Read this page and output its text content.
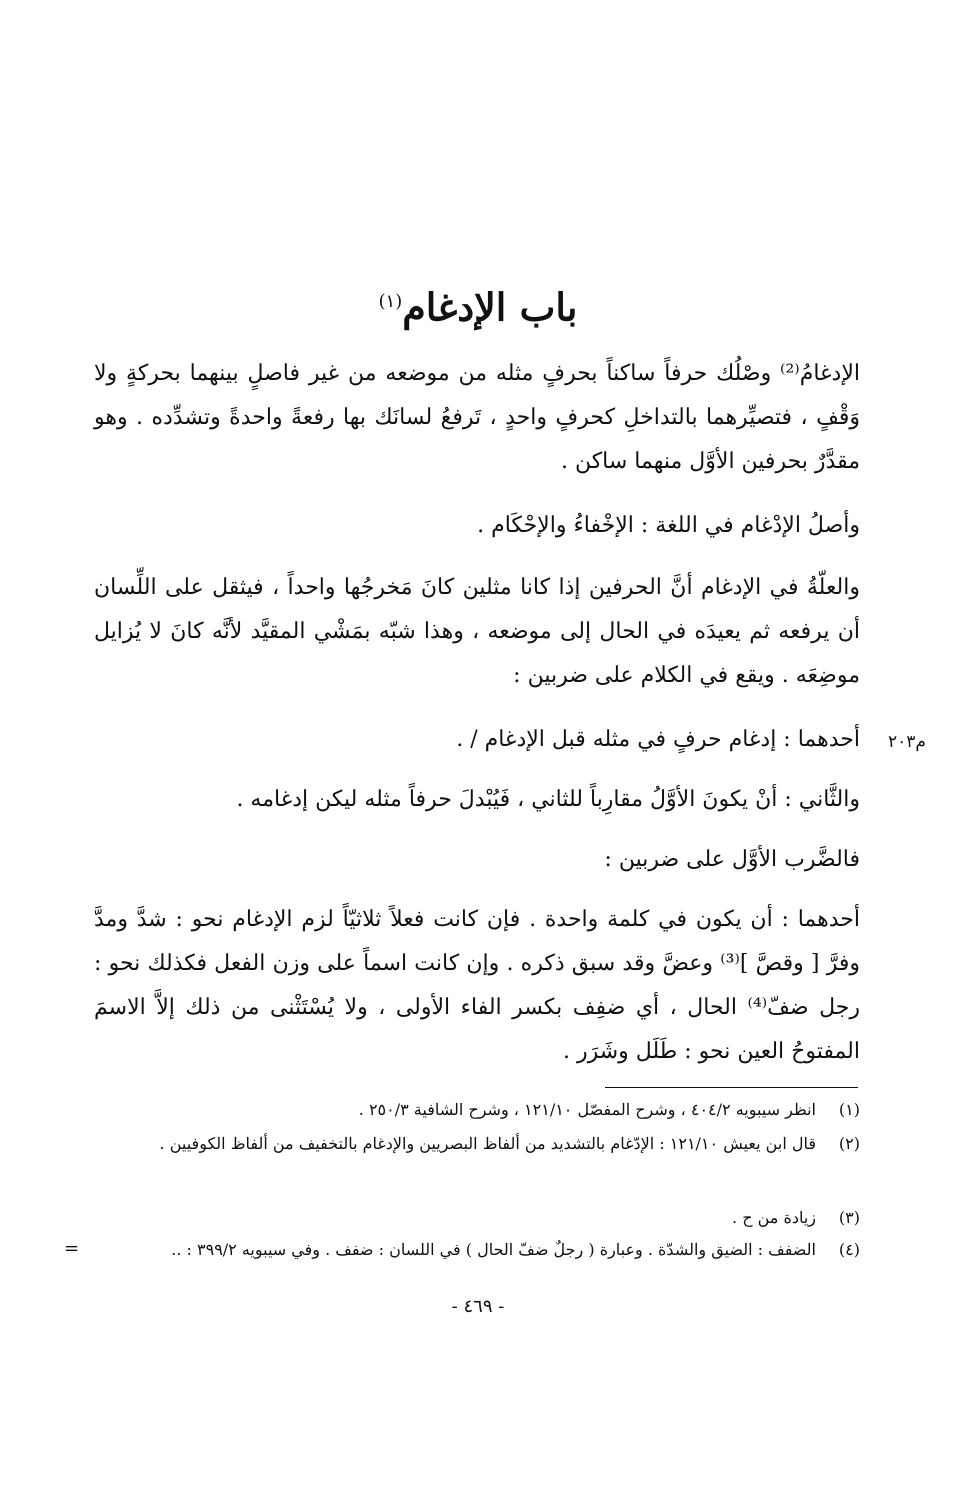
باب الإدغام$^{(١)}$
الإدغامُ⁽²⁾ وصْلُك حرفاً ساكناً بحرفٍ مثله من موضعه من غير فاصلٍ بينهما بحركةٍ ولا وَقْفٍ ، فتصيِّرهما بالتداخلِ كحرفٍ واحدٍ ، تَرفعُ لسانَك بها رفعةً واحدةً وتشدِّده . وهو مقدَّرٌ بحرفين الأوَّل منهما ساكن .
وأصلُ الإدْغام في اللغة : الإخْفاءُ والإحْكَام .
والعلّةُ في الإدغام أنَّ الحرفين إذا كانا مثلين كانَ مَخرجُها واحداً ، فيثقل على اللِّسان أن يرفعه ثم يعيدَه في الحال إلى موضعه ، وهذا شبّه بمَشْي المقيَّد لأنَّه كانَ لا يُزايل موضِعَه . ويقع في الكلام على ضربين :
أحدهما : إدغام حرفٍ في مثله قبل الإدغام / .
والثَّاني : أنْ يكونَ الأوَّلُ مقارِباً للثاني ، فَيُبْدلَ حرفاً مثله ليكن إدغامه .
فالضَّرب الأوَّل على ضربين :
أحدهما : أن يكون في كلمة واحدة . فإن كانت فعلاً ثلاثيّاً لزم الإدغام نحو : شدَّ ومدَّ وفرَّ [ وقصَّ ]⁽³⁾ وعضَّ وقد سبق ذكره . وإن كانت اسماً على وزن الفعل فكذلك نحو : رجل ضفّ⁽⁴⁾ الحال ، أي ضفِف بكسر الفاء الأولى ، ولا يُسْتَثْنى من ذلك إلاَّ الاسمَ المفتوحُ العين نحو : طَلَل وشَرَر .
م٢٠٣
(١)
انظر سيبويه ٤٠٤/٢ ، وشرح المفصّل ١٢١/١٠ ، وشرح الشافية ٢٥٠/٣ .
(٢)
قال ابن يعيش ١٢١/١٠ : الإدّغام بالتشديد من ألفاظ البصريين والإدغام بالتخفيف من ألفاظ الكوفيين .
(٣)
زيادة من ح .
(٤)
الضفف : الضيق والشدّة . وعبارة ( رجلٌ ضفّ الحال ) في اللسان : ضفف . وفي سيبويه ٣٩٩/٢ : ..
=
- ٤٦٩ -
